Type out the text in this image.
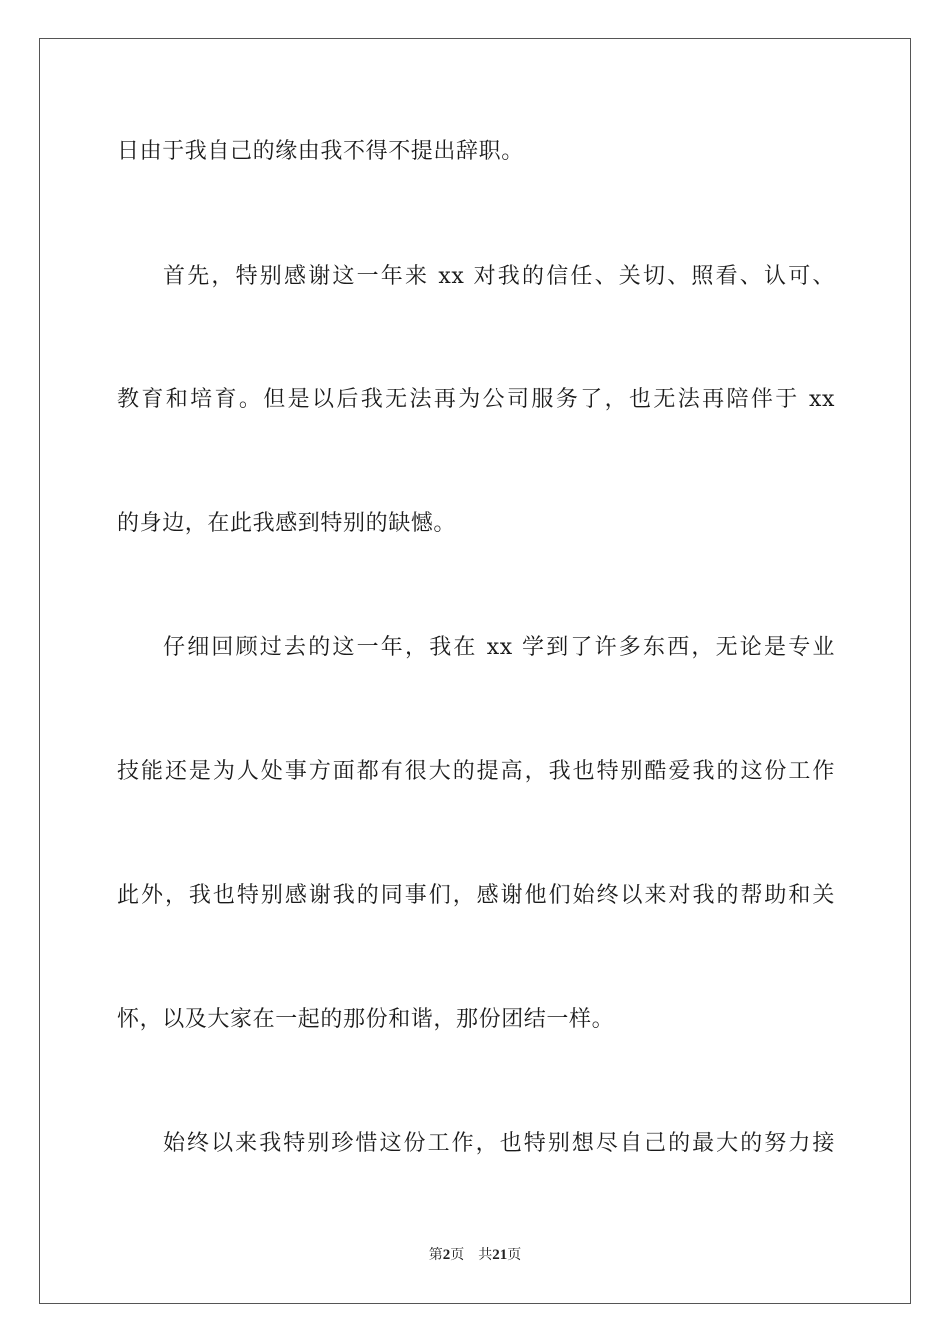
日由于我自己的缘由我不得不提出辞职。
首先，特别感谢这一年来 xx 对我的信任、关切、照看、认可、
教育和培育。但是以后我无法再为公司服务了，也无法再陪伴于 xx
的身边，在此我感到特别的缺憾。
仔细回顾过去的这一年，我在 xx 学到了许多东西，无论是专业
技能还是为人处事方面都有很大的提高，我也特别酷爱我的这份工作
此外，我也特别感谢我的同事们，感谢他们始终以来对我的帮助和关
怀，以及大家在一起的那份和谐，那份团结一样。
始终以来我特别珍惜这份工作，也特别想尽自己的最大的努力接
第2页 共21页
